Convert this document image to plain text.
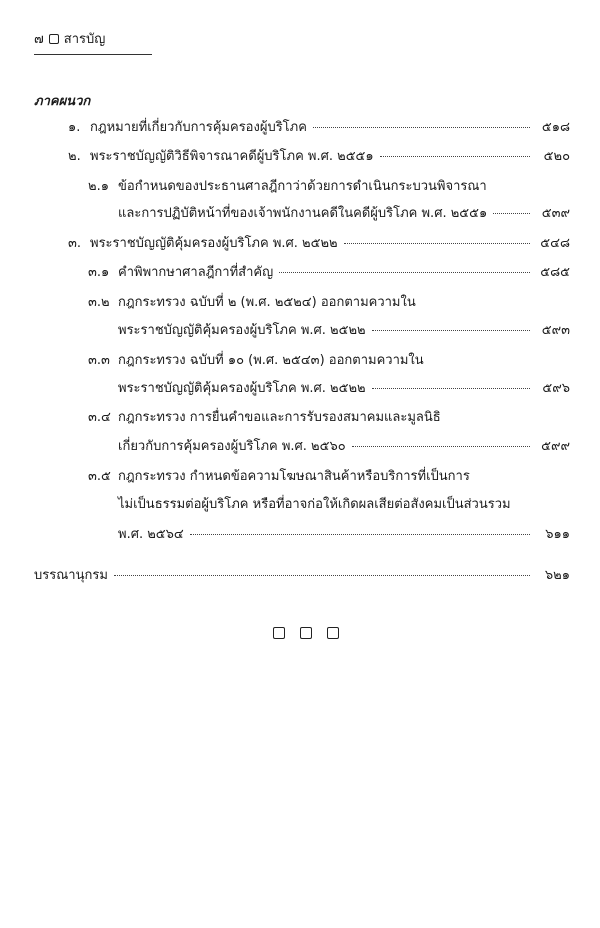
๗ สารบัญ
ภาคผนวก
๑. กฎหมายที่เกี่ยวกับการคุ้มครองผู้บริโภค	๕๑๘
๒. พระราชบัญญัติวิธีพิจารณาคดีผู้บริโภค พ.ศ. ๒๕๕๑	๕๒๐
๒.๑ ข้อกำหนดของประธานศาลฎีกาว่าด้วยการดำเนินกระบวนพิจารณา
และการปฏิบัติหน้าที่ของเจ้าพนักงานคดีในคดีผู้บริโภค พ.ศ. ๒๕๕๑	๕๓๙
๓. พระราชบัญญัติคุ้มครองผู้บริโภค พ.ศ. ๒๕๒๒	๕๔๘
๓.๑ คำพิพากษาศาลฎีกาที่สำคัญ	๕๘๕
๓.๒ กฎกระทรวง ฉบับที่ ๒ (พ.ศ. ๒๕๒๔) ออกตามความใน
พระราชบัญญัติคุ้มครองผู้บริโภค พ.ศ. ๒๕๒๒	๕๙๓
๓.๓ กฎกระทรวง ฉบับที่ ๑๐ (พ.ศ. ๒๕๔๓) ออกตามความใน
พระราชบัญญัติคุ้มครองผู้บริโภค พ.ศ. ๒๕๒๒	๕๙๖
๓.๔ กฎกระทรวง การยื่นคำขอและการรับรองสมาคมและมูลนิธิ
เกี่ยวกับการคุ้มครองผู้บริโภค พ.ศ. ๒๕๖๐	๕๙๙
๓.๕ กฎกระทรวง กำหนดข้อความโฆษณาสินค้าหรือบริการที่เป็นการ
ไม่เป็นธรรมต่อผู้บริโภค หรือที่อาจก่อให้เกิดผลเสียต่อสังคมเป็นส่วนรวม
พ.ศ. ๒๕๖๔	๖๑๑
บรรณานุกรม	๖๒๑
